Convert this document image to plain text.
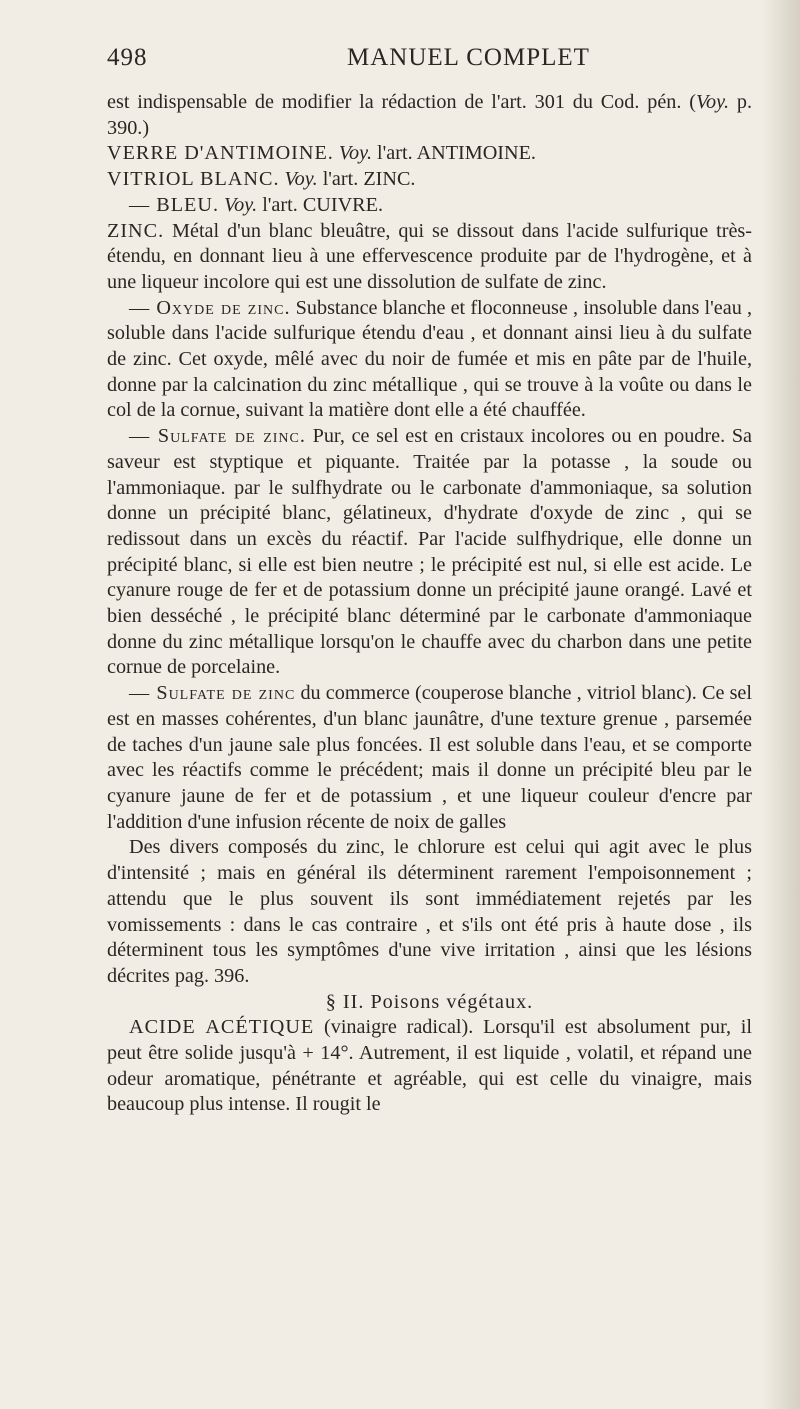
498	MANUEL COMPLET

est indispensable de modifier la rédaction de l'art. 301 du Cod. pén. (Voy. p. 390.)

VERRE D'ANTIMOINE. Voy. l'art. ANTIMOINE.

VITRIOL BLANC. Voy. l'art. ZINC.

— BLEU. Voy. l'art. CUIVRE.

ZINC. Métal d'un blanc bleuâtre, qui se dissout dans l'acide sulfurique très-étendu, en donnant lieu à une effervescence produite par de l'hydrogène, et à une liqueur incolore qui est une dissolution de sulfate de zinc.

— Oxyde de zinc. Substance blanche et floconneuse , insoluble dans l'eau , soluble dans l'acide sulfurique étendu d'eau , et donnant ainsi lieu à du sulfate de zinc. Cet oxyde, mêlé avec du noir de fumée et mis en pâte par de l'huile, donne par la calcination du zinc métallique , qui se trouve à la voûte ou dans le col de la cornue, suivant la matière dont elle a été chauffée.

— Sulfate de zinc. Pur, ce sel est en cristaux incolores ou en poudre. Sa saveur est styptique et piquante. Traitée par la potasse , la soude ou l'ammoniaque. par le sulfhydrate ou le carbonate d'ammoniaque, sa solution donne un précipité blanc, gélatineux, d'hydrate d'oxyde de zinc , qui se redissout dans un excès du réactif. Par l'acide sulfhydrique, elle donne un précipité blanc, si elle est bien neutre ; le précipité est nul, si elle est acide. Le cyanure rouge de fer et de potassium donne un précipité jaune orangé. Lavé et bien desséché , le précipité blanc déterminé par le carbonate d'ammoniaque donne du zinc métallique lorsqu'on le chauffe avec du charbon dans une petite cornue de porcelaine.

— Sulfate de zinc du commerce (couperose blanche , vitriol blanc). Ce sel est en masses cohérentes, d'un blanc jaunâtre, d'une texture grenue , parsemée de taches d'un jaune sale plus foncées. Il est soluble dans l'eau, et se comporte avec les réactifs comme le précédent; mais il donne un précipité bleu par le cyanure jaune de fer et de potassium , et une liqueur couleur d'encre par l'addition d'une infusion récente de noix de galles

Des divers composés du zinc, le chlorure est celui qui agit avec le plus d'intensité ; mais en général ils déterminent rarement l'empoisonnement ; attendu que le plus souvent ils sont immédiatement rejetés par les vomissements : dans le cas contraire , et s'ils ont été pris à haute dose , ils déterminent tous les symptômes d'une vive irritation , ainsi que les lésions décrites pag. 396.

§ II. Poisons végétaux.

ACIDE ACÉTIQUE (vinaigre radical). Lorsqu'il est absolument pur, il peut être solide jusqu'à + 14°. Autrement, il est liquide , volatil, et répand une odeur aromatique, pénétrante et agréable, qui est celle du vinaigre, mais beaucoup plus intense. Il rougit le
